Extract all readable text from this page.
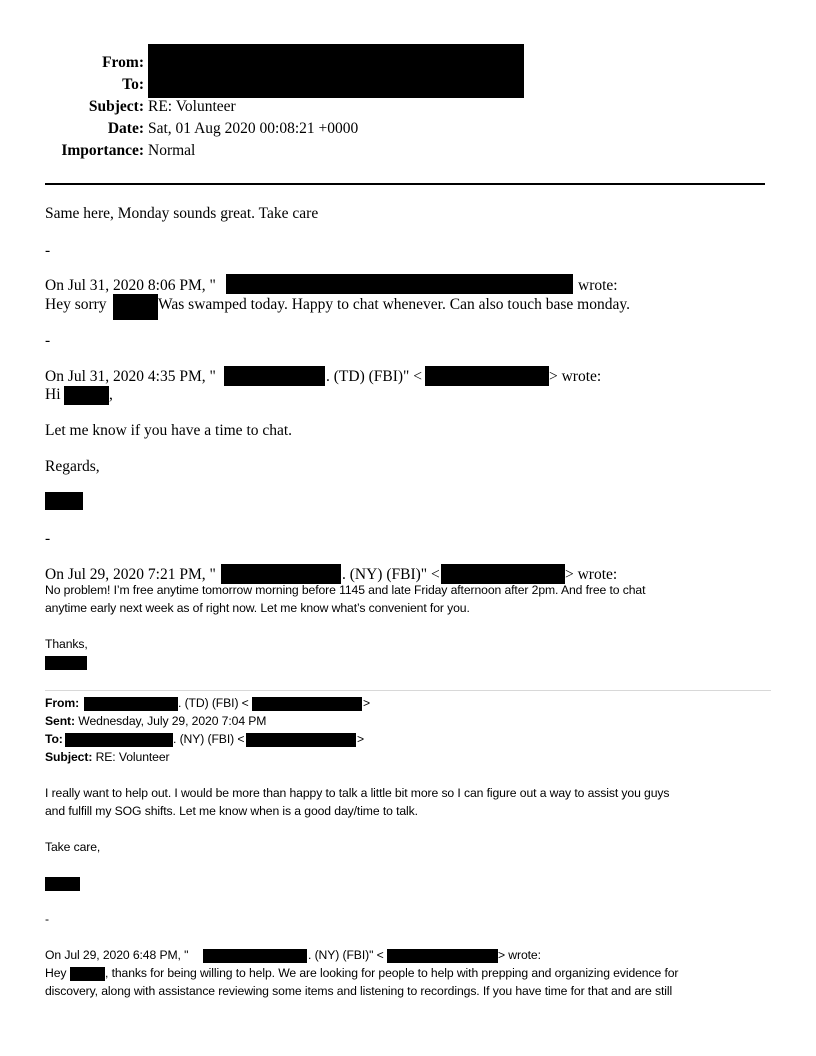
From:
To:
Subject: RE: Volunteer
Date: Sat, 01 Aug 2020 00:08:21 +0000
Importance: Normal
Same here, Monday sounds great. Take care
-
On Jul 31, 2020 8:06 PM, "	wrote:
Hey sorry	Was swamped today. Happy to chat whenever. Can also touch base monday.
-
On Jul 31, 2020 4:35 PM, "	. (TD) (FBI)" <	> wrote:
Hi	,
Let me know if you have a time to chat.
Regards,
-
On Jul 29, 2020 7:21 PM, "	. (NY) (FBI)" <	> wrote:
No problem! I’m free anytime tomorrow morning before 1145 and late Friday afternoon after 2pm. And free to chat
anytime early next week as of right now. Let me know what’s convenient for you.
Thanks,
From:	. (TD) (FBI) <	>
Sent: Wednesday, July 29, 2020 7:04 PM
To:	. (NY) (FBI) <	>
Subject: RE: Volunteer
I really want to help out. I would be more than happy to talk a little bit more so I can figure out a way to assist you guys
and fulfill my SOG shifts. Let me know when is a good day/time to talk.
Take care,
-
On Jul 29, 2020 6:48 PM, "	. (NY) (FBI)" <	> wrote:
Hey	, thanks for being willing to help. We are looking for people to help with prepping and organizing evidence for
discovery, along with assistance reviewing some items and listening to recordings. If you have time for that and are still
